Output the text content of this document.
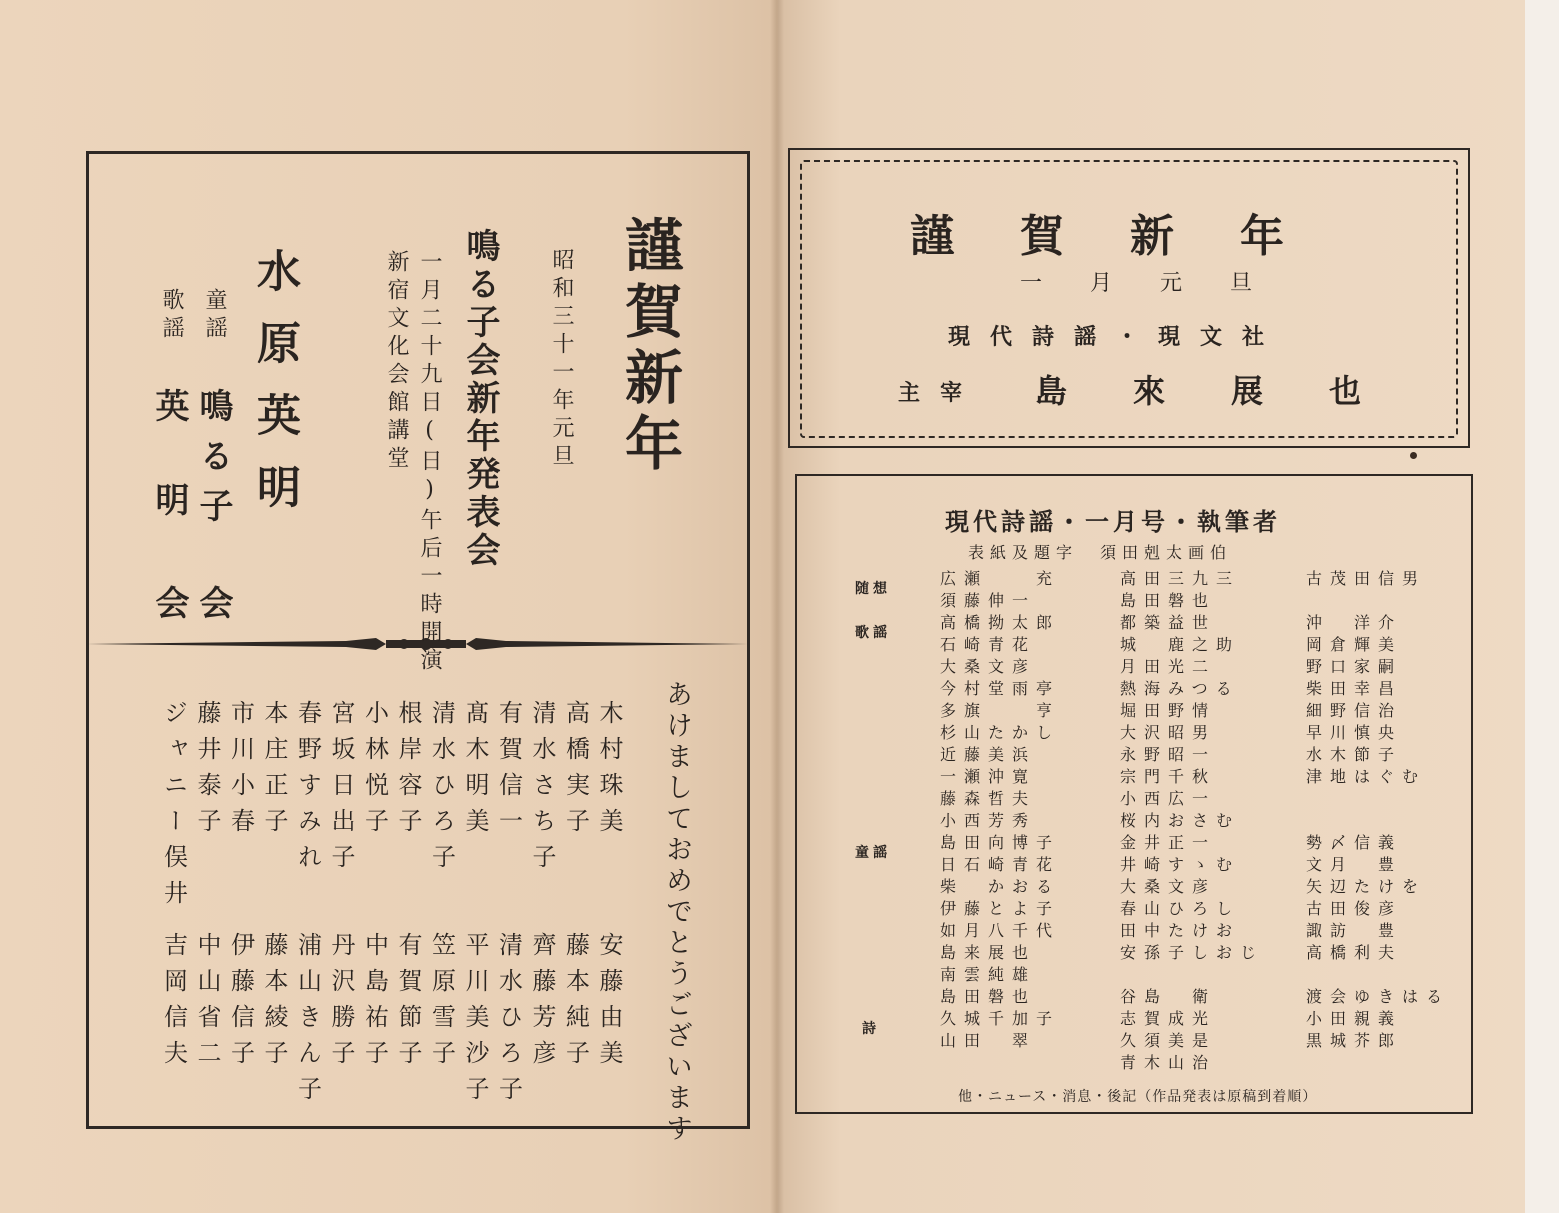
謹賀新年
昭和三十一年元旦
鳴る子会新年発表会
一月二十九日(日)午后一時開演
新宿文化会館講堂
水原英明
童謡
鳴る子
会
歌謡
英明
会
あけましておめでとうございます
木村珠美
高橋実子
清水さち子
有賀信一
髙木明美
清水ひろ子
根岸容子
小林悦子
宮坂日出子
春野すみれ
本庄正子
市川小春
藤井泰子
ジャニー俣井
安藤由美
藤本純子
齊藤芳彦
清水ひろ子
平川美沙子
笠原雪子
有賀節子
中島祐子
丹沢勝子
浦山きん子
藤本綾子
伊藤信子
中山省二
吉岡信夫
謹賀新年
一月元旦
現代詩謡・現文社
主宰 島來展也
現代詩謡・一月号・執筆者
表紙及題字　須田剋太画伯
随想
歌謡
童謡
詩
広瀬　　充
須藤伸一
高橋拗太郎
石崎青花
大桑文彦
今村堂雨亭
多旗　　亨
杉山たかし
近藤美浜
一瀬沖寛
藤森哲夫
小西芳秀
島田向博子
日石崎青花
柴　かおる
伊藤とよ子
如月八千代
島来展也
南雲純雄
島田磐也
久城千加子
山田　翠
高田三九三
島田磐也
都築益世
城　鹿之助
月田光二
熱海みつる
堀田野情
大沢昭男
永野昭一
宗門千秋
小西広一
桜内おさむ
金井正一
井崎すゝむ
大桑文彦
春山ひろし
田中たけお
安孫子しおじ
谷島　衛
志賀成光
久須美是
青木山治
古茂田信男
沖　洋介
岡倉輝美
野口家嗣
柴田幸昌
細野信治
早川慎央
水木節子
津地はぐむ
勢〆信義
文月　豊
矢辺たけを
古田俊彦
諏訪　豊
高橋利夫
渡会ゆきはる
小田親義
黒城芥郎
他・ニュース・消息・後記（作品発表は原稿到着順）
